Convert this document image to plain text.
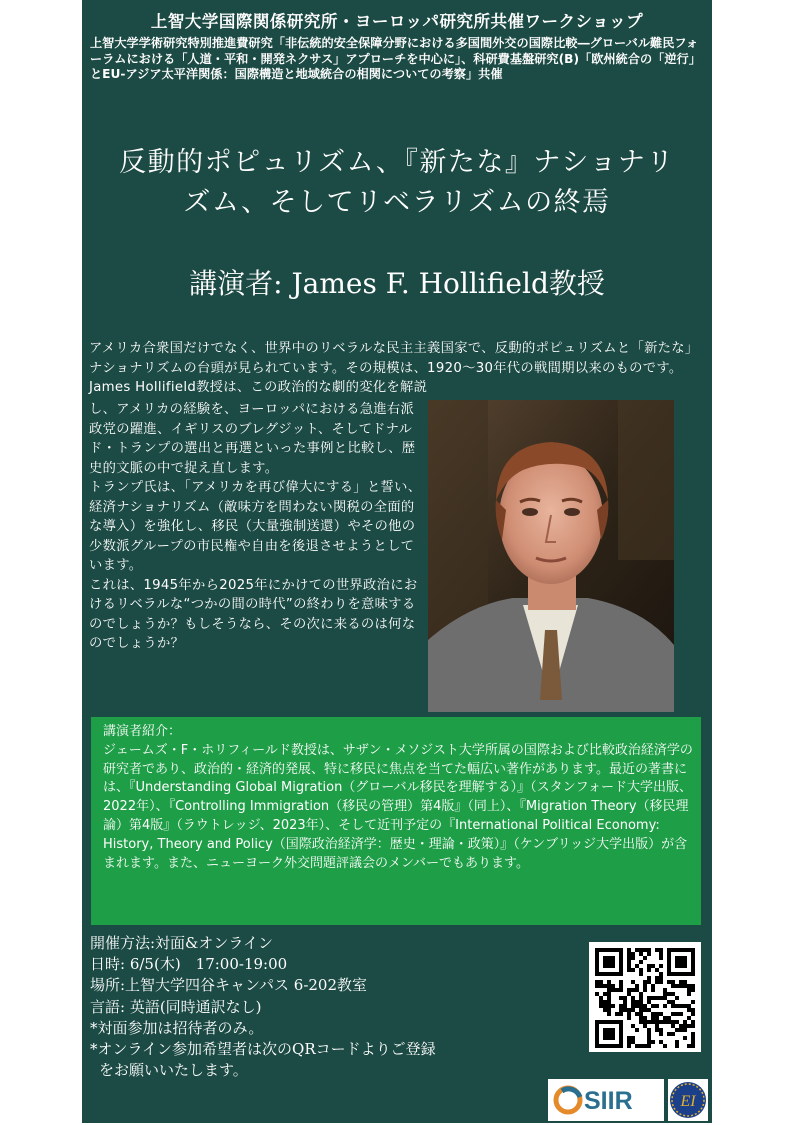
上智大学国際関係研究所・ヨーロッパ研究所共催ワークショップ
上智大学学術研究特別推進費研究「非伝統的安全保障分野における多国間外交の国際比較―グローバル難民フォーラムにおける「人道・平和・開発ネクサス」アプローチを中心に」、科研費基盤研究(B)「欧州統合の「逆行」とEU-アジア太平洋関係：国際構造と地域統合の相関についての考察」共催
反動的ポピュリズム、『新たな』ナショナリ
ズム、そしてリベラリズムの終焉
講演者: James F. Hollifield教授
アメリカ合衆国だけでなく、世界中のリベラルな民主主義国家で、反動的ポピュリズムと「新たな」ナショナリズムの台頭が見られています。その規模は、1920～30年代の戦間期以来のものです。 James Hollifield教授は、この政治的な劇的変化を解説

し、アメリカの経験を、ヨーロッパにおける急進右派政党の躍進、イギリスのブレグジット、そしてドナルド・トランプの選出と再選といった事例と比較し、歴史的文脈の中で捉え直します。

トランプ氏は、「アメリカを再び偉大にする」と誓い、経済ナショナリズム（敵味方を問わない関税の全面的な導入）を強化し、移民（大量強制送還）やその他の少数派グループの市民権や自由を後退させようとしています。

これは、1945年から2025年にかけての世界政治におけるリベラルな“つかの間の時代”の終わりを意味するのでしょうか？もしそうなら、その次に来るのは何なのでしょうか？

講演者紹介：

ジェームズ・F・ホリフィールド教授は、サザン・メソジスト大学所属の国際および比較政治経済学の研究者であり、政治的・経済的発展、特に移民に焦点を当てた幅広い著作があります。最近の著書には、『Understanding Global Migration（グローバル移民を理解する）』（スタンフォード大学出版、2022年）、『Controlling Immigration（移民の管理）第4版』（同上）、『Migration Theory（移民理論）第4版』（ラウトレッジ、2023年）、そして近刊予定の『International Political Economy: History, Theory and Policy（国際政治経済学：歴史・理論・政策）』（ケンブリッジ大学出版）が含まれます。また、ニューヨーク外交問題評議会のメンバーでもあります。

開催方法:対面&オンライン

日時: 6/5(木)　17:00-19:00

場所:上智大学四谷キャンパス 6-202教室

言語: 英語(同時通訳なし)

*対面参加は招待者のみ。

*オンライン参加希望者は次のQRコードよりご登録

をお願いいたします。

SIIR	EI
